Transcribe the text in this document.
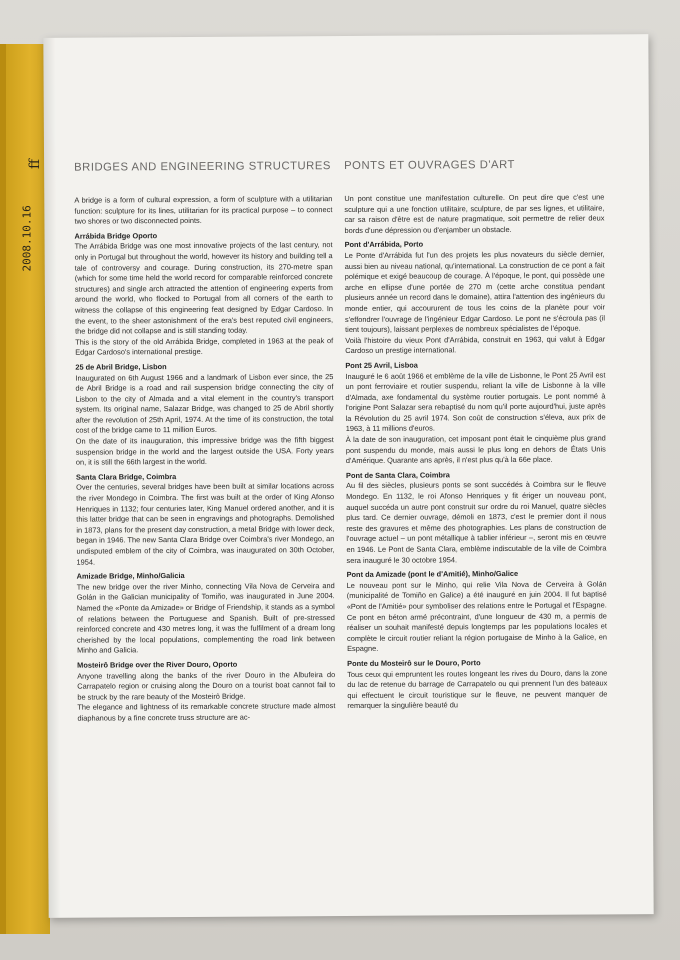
ff
2008.10.16
BRIDGES AND ENGINEERING STRUCTURES

A bridge is a form of cultural expression, a form of sculpture with a utilitarian function: sculpture for its lines, utilitarian for its practical purpose – to connect two shores or two disconnected points.

Arrábida Bridge Oporto

The Arrábida Bridge was one most innovative projects of the last century, not only in Portugal but throughout the world, however its history and building tell a tale of controversy and courage. During construction, its 270-metre span (which for some time held the world record for comparable reinforced concrete structures) and single arch attracted the attention of engineering experts from around the world, who flocked to Portugal from all corners of the earth to witness the collapse of this engineering feat designed by Edgar Cardoso. In the event, to the sheer astonishment of the era's best reputed civil engineers, the bridge did not collapse and is still standing today.

This is the story of the old Arrábida Bridge, completed in 1963 at the peak of Edgar Cardoso's international prestige.

25 de Abril Bridge, Lisbon

Inaugurated on 6th August 1966 and a landmark of Lisbon ever since, the 25 de Abril Bridge is a road and rail suspension bridge connecting the city of Lisbon to the city of Almada and a vital element in the country's transport system. Its original name, Salazar Bridge, was changed to 25 de Abril shortly after the revolution of 25th April, 1974. At the time of its construction, the total cost of the bridge came to 11 million Euros.

On the date of its inauguration, this impressive bridge was the fifth biggest suspension bridge in the world and the largest outside the USA. Forty years on, it is still the 66th largest in the world.

Santa Clara Bridge, Coimbra

Over the centuries, several bridges have been built at similar locations across the river Mondego in Coimbra. The first was built at the order of King Afonso Henriques in 1132; four centuries later, King Manuel ordered another, and it is this latter bridge that can be seen in engravings and photographs. Demolished in 1873, plans for the present day construction, a metal Bridge with lower deck, began in 1946. The new Santa Clara Bridge over Coimbra's river Mondego, an undisputed emblem of the city of Coimbra, was inaugurated on 30th October, 1954.

Amizade Bridge, Minho/Galicia

The new bridge over the river Minho, connecting Vila Nova de Cerveira and Golán in the Galician municipality of Tomiño, was inaugurated in June 2004. Named the «Ponte da Amizade» or Bridge of Friendship, it stands as a symbol of relations between the Portuguese and Spanish. Built of pre-stressed reinforced concrete and 430 metres long, it was the fulfilment of a dream long cherished by the local populations, complementing the road link between Minho and Galicia.

Mosteirô Bridge over the River Douro, Oporto

Anyone travelling along the banks of the river Douro in the Albufeira do Carrapatelo region or cruising along the Douro on a tourist boat cannot fail to be struck by the rare beauty of the Mosteirô Bridge.

The elegance and lightness of its remarkable concrete structure made almost diaphanous by a fine concrete truss structure are ac-

PONTS ET OUVRAGES D'ART

Un pont constitue une manifestation culturelle. On peut dire que c'est une sculpture qui a une fonction utilitaire, sculpture, de par ses lignes, et utilitaire, car sa raison d'être est de nature pragmatique, soit permettre de relier deux bords d'une dépression ou d'enjamber un obstacle.

Pont d'Arrábida, Porto

Le Ponte d'Arrábida fut l'un des projets les plus novateurs du siècle dernier, aussi bien au niveau national, qu'international. La construction de ce pont a fait polémique et exigé beaucoup de courage. À l'époque, le pont, qui possède une arche en ellipse d'une portée de 270 m (cette arche constitua pendant plusieurs année un record dans le domaine), attira l'attention des ingénieurs du monde entier, qui accoururent de tous les coins de la planète pour voir s'effondrer l'ouvrage de l'ingénieur Edgar Cardoso. Le pont ne s'écroula pas (il tient toujours), laissant perplexes de nombreux spécialistes de l'époque.

Voilà l'histoire du vieux Pont d'Arrábida, construit en 1963, qui valut à Edgar Cardoso un prestige international.

Pont 25 Avril, Lisboa

Inauguré le 6 août 1966 et emblème de la ville de Lisbonne, le Pont 25 Avril est un pont ferroviaire et routier suspendu, reliant la ville de Lisbonne à la ville d'Almada, axe fondamental du système routier portugais. Le pont nommé à l'origine Pont Salazar sera rebaptisé du nom qu'il porte aujourd'hui, juste après la Révolution du 25 avril 1974. Son coût de construction s'éleva, aux prix de 1963, à 11 millions d'euros.

À la date de son inauguration, cet imposant pont était le cinquième plus grand pont suspendu du monde, mais aussi le plus long en dehors de États Unis d'Amérique. Quarante ans après, il n'est plus qu'à la 66e place.

Pont de Santa Clara, Coimbra

Au fil des siècles, plusieurs ponts se sont succédés à Coimbra sur le fleuve Mondego. En 1132, le roi Afonso Henriques y fit ériger un nouveau pont, auquel succéda un autre pont construit sur ordre du roi Manuel, quatre siècles plus tard. Ce dernier ouvrage, démoli en 1873, c'est le premier dont il nous reste des gravures et même des photographies. Les plans de construction de l'ouvrage actuel – un pont métallique à tablier inférieur –, seront mis en œuvre en 1946. Le Pont de Santa Clara, emblème indiscutable de la ville de Coimbra sera inauguré le 30 octobre 1954.

Pont da Amizade (pont le d'Amitié), Minho/Galice

Le nouveau pont sur le Minho, qui relie Vila Nova de Cerveira à Golán (municipalité de Tomiño en Galice) a été inauguré en juin 2004. Il fut baptisé «Pont de l'Amitié» pour symboliser des relations entre le Portugal et l'Espagne. Ce pont en béton armé précontraint, d'une longueur de 430 m, a permis de réaliser un souhait manifesté depuis longtemps par les populations locales et complète le circuit routier reliant la région portugaise de Minho à la Galice, en Espagne.

Ponte du Mosteirô sur le Douro, Porto

Tous ceux qui empruntent les routes longeant les rives du Douro, dans la zone du lac de retenue du barrage de Carrapatelo ou qui prennent l'un des bateaux qui effectuent le circuit touristique sur le fleuve, ne peuvent manquer de remarquer la singulière beauté du
